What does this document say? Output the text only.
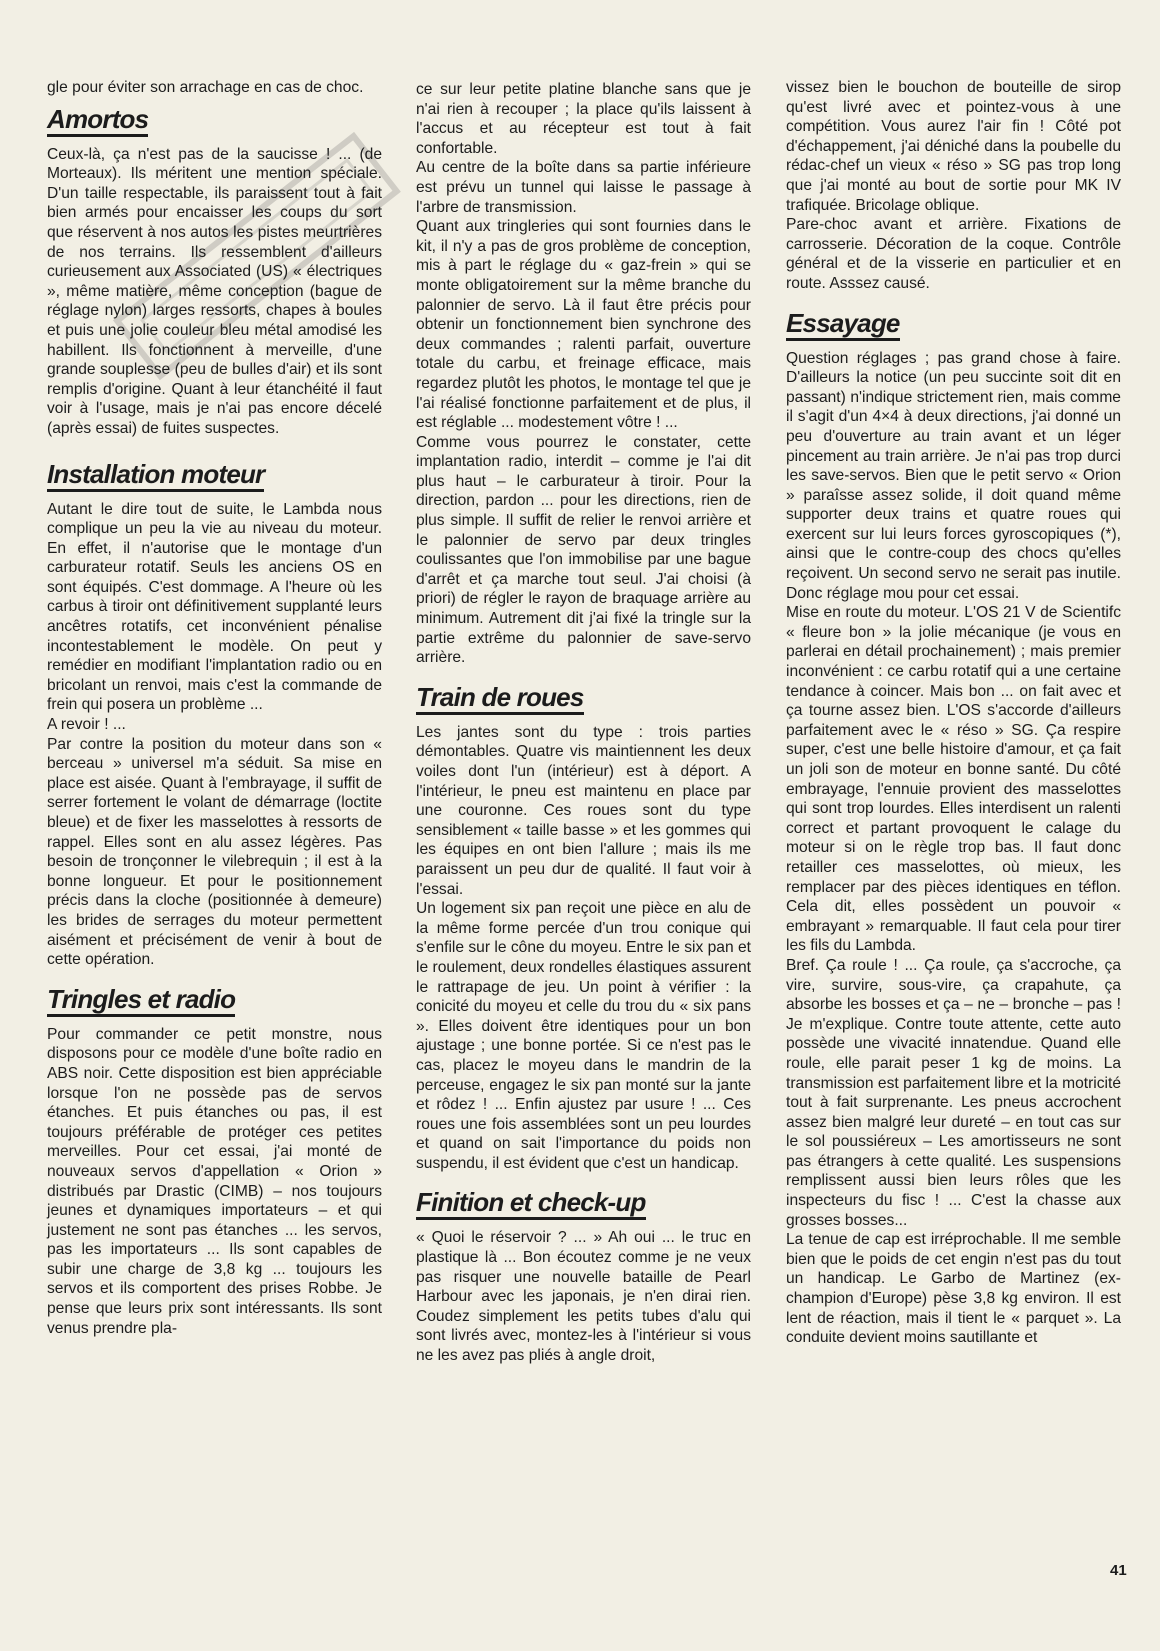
gle pour éviter son arrachage en cas de choc.

Amortos

Ceux-là, ça n'est pas de la saucisse ! ... (de Morteaux). Ils méritent une mention spéciale. D'un taille respectable, ils paraissent tout à fait bien armés pour encaisser les coups du sort que réservent à nos autos les pistes meurtrières de nos terrains. Ils ressemblent d'ailleurs curieusement aux Associated (US) « électriques », même matière, même conception (bague de réglage nylon) larges ressorts, chapes à boules et puis une jolie couleur bleu métal amodisé les habillent. Ils fonctionnent à merveille, d'une grande souplesse (peu de bulles d'air) et ils sont remplis d'origine. Quant à leur étanchéité il faut voir à l'usage, mais je n'ai pas encore décelé (après essai) de fuites suspectes.

Installation moteur

Autant le dire tout de suite, le Lambda nous complique un peu la vie au niveau du moteur. En effet, il n'autorise que le montage d'un carburateur rotatif. Seuls les anciens OS en sont équipés. C'est dommage. A l'heure où les carbus à tiroir ont définitivement supplanté leurs ancêtres rotatifs, cet inconvénient pénalise incontestablement le modèle. On peut y remédier en modifiant l'implantation radio ou en bricolant un renvoi, mais c'est la commande de frein qui posera un problème ...

A revoir ! ...

Par contre la position du moteur dans son « berceau » universel m'a séduit. Sa mise en place est aisée. Quant à l'embrayage, il suffit de serrer fortement le volant de démarrage (loctite bleue) et de fixer les masselottes à ressorts de rappel. Elles sont en alu assez légères. Pas besoin de tronçonner le vilebrequin ; il est à la bonne longueur. Et pour le positionnement précis dans la cloche (positionnée à demeure) les brides de serrages du moteur permettent aisément et précisément de venir à bout de cette opération.

Tringles et radio

Pour commander ce petit monstre, nous disposons pour ce modèle d'une boîte radio en ABS noir. Cette disposition est bien appréciable lorsque l'on ne possède pas de servos étanches. Et puis étanches ou pas, il est toujours préférable de protéger ces petites merveilles. Pour cet essai, j'ai monté de nouveaux servos d'appellation « Orion » distribués par Drastic (CIMB) – nos toujours jeunes et dynamiques importateurs – et qui justement ne sont pas étanches ... les servos, pas les importateurs ... Ils sont capables de subir une charge de 3,8 kg ... toujours les servos et ils comportent des prises Robbe. Je pense que leurs prix sont intéressants. Ils sont venus prendre pla-

ce sur leur petite platine blanche sans que je n'ai rien à recouper ; la place qu'ils laissent à l'accus et au récepteur est tout à fait confortable.

Au centre de la boîte dans sa partie inférieure est prévu un tunnel qui laisse le passage à l'arbre de transmission.

Quant aux tringleries qui sont fournies dans le kit, il n'y a pas de gros problème de conception, mis à part le réglage du « gaz-frein » qui se monte obligatoirement sur la même branche du palonnier de servo. Là il faut être précis pour obtenir un fonctionnement bien synchrone des deux commandes ; ralenti parfait, ouverture totale du carbu, et freinage efficace, mais regardez plutôt les photos, le montage tel que je l'ai réalisé fonctionne parfaitement et de plus, il est réglable ... modestement vôtre ! ...

Comme vous pourrez le constater, cette implantation radio, interdit – comme je l'ai dit plus haut – le carburateur à tiroir. Pour la direction, pardon ... pour les directions, rien de plus simple. Il suffit de relier le renvoi arrière et le palonnier de servo par deux tringles coulissantes que l'on immobilise par une bague d'arrêt et ça marche tout seul. J'ai choisi (à priori) de régler le rayon de braquage arrière au minimum. Autrement dit j'ai fixé la tringle sur la partie extrême du palonnier de save-servo arrière.

Train de roues

Les jantes sont du type : trois parties démontables. Quatre vis maintiennent les deux voiles dont l'un (intérieur) est à déport. A l'intérieur, le pneu est maintenu en place par une couronne. Ces roues sont du type sensiblement « taille basse » et les gommes qui les équipes en ont bien l'allure ; mais ils me paraissent un peu dur de qualité. Il faut voir à l'essai.

Un logement six pan reçoit une pièce en alu de la même forme percée d'un trou conique qui s'enfile sur le cône du moyeu. Entre le six pan et le roulement, deux rondelles élastiques assurent le rattrapage de jeu. Un point à vérifier : la conicité du moyeu et celle du trou du « six pans ». Elles doivent être identiques pour un bon ajustage ; une bonne portée. Si ce n'est pas le cas, placez le moyeu dans le mandrin de la perceuse, engagez le six pan monté sur la jante et rôdez ! ... Enfin ajustez par usure ! ... Ces roues une fois assemblées sont un peu lourdes et quand on sait l'importance du poids non suspendu, il est évident que c'est un handicap.

Finition et check-up

« Quoi le réservoir ? ... » Ah oui ... le truc en plastique là ... Bon écoutez comme je ne veux pas risquer une nouvelle bataille de Pearl Harbour avec les japonais, je n'en dirai rien. Coudez simplement les petits tubes d'alu qui sont livrés avec, montez-les à l'intérieur si vous ne les avez pas pliés à angle droit,

vissez bien le bouchon de bouteille de sirop qu'est livré avec et pointez-vous à une compétition. Vous aurez l'air fin ! Côté pot d'échappement, j'ai déniché dans la poubelle du rédac-chef un vieux « réso » SG pas trop long que j'ai monté au bout de sortie pour MK IV trafiquée. Bricolage oblique.

Pare-choc avant et arrière. Fixations de carrosserie. Décoration de la coque. Contrôle général et de la visserie en particulier et en route. Asssez causé.

Essayage

Question réglages ; pas grand chose à faire. D'ailleurs la notice (un peu succinte soit dit en passant) n'indique strictement rien, mais comme il s'agit d'un 4×4 à deux directions, j'ai donné un peu d'ouverture au train avant et un léger pincement au train arrière. Je n'ai pas trop durci les save-servos. Bien que le petit servo « Orion » paraîsse assez solide, il doit quand même supporter deux trains et quatre roues qui exercent sur lui leurs forces gyroscopiques (*), ainsi que le contre-coup des chocs qu'elles reçoivent. Un second servo ne serait pas inutile. Donc réglage mou pour cet essai.

Mise en route du moteur. L'OS 21 V de Scientifc « fleure bon » la jolie mécanique (je vous en parlerai en détail prochainement) ; mais premier inconvénient : ce carbu rotatif qui a une certaine tendance à coincer. Mais bon ... on fait avec et ça tourne assez bien. L'OS s'accorde d'ailleurs parfaitement avec le « réso » SG. Ça respire super, c'est une belle histoire d'amour, et ça fait un joli son de moteur en bonne santé. Du côté embrayage, l'ennuie provient des masselottes qui sont trop lourdes. Elles interdisent un ralenti correct et partant provoquent le calage du moteur si on le règle trop bas. Il faut donc retailler ces masselottes, où mieux, les remplacer par des pièces identiques en téflon. Cela dit, elles possèdent un pouvoir « embrayant » remarquable. Il faut cela pour tirer les fils du Lambda.

Bref. Ça roule ! ... Ça roule, ça s'accroche, ça vire, survire, sous-vire, ça crapahute, ça absorbe les bosses et ça – ne – bronche – pas ! Je m'explique. Contre toute attente, cette auto possède une vivacité innatendue. Quand elle roule, elle parait peser 1 kg de moins. La transmission est parfaitement libre et la motricité tout à fait surprenante. Les pneus accrochent assez bien malgré leur dureté – en tout cas sur le sol poussiéreux – Les amortisseurs ne sont pas étrangers à cette qualité. Les suspensions remplissent aussi bien leurs rôles que les inspecteurs du fisc ! ... C'est la chasse aux grosses bosses...

La tenue de cap est irréprochable. Il me semble bien que le poids de cet engin n'est pas du tout un handicap. Le Garbo de Martinez (ex-champion d'Europe) pèse 3,8 kg environ. Il est lent de réaction, mais il tient le « parquet ». La conduite devient moins sautillante et

41
